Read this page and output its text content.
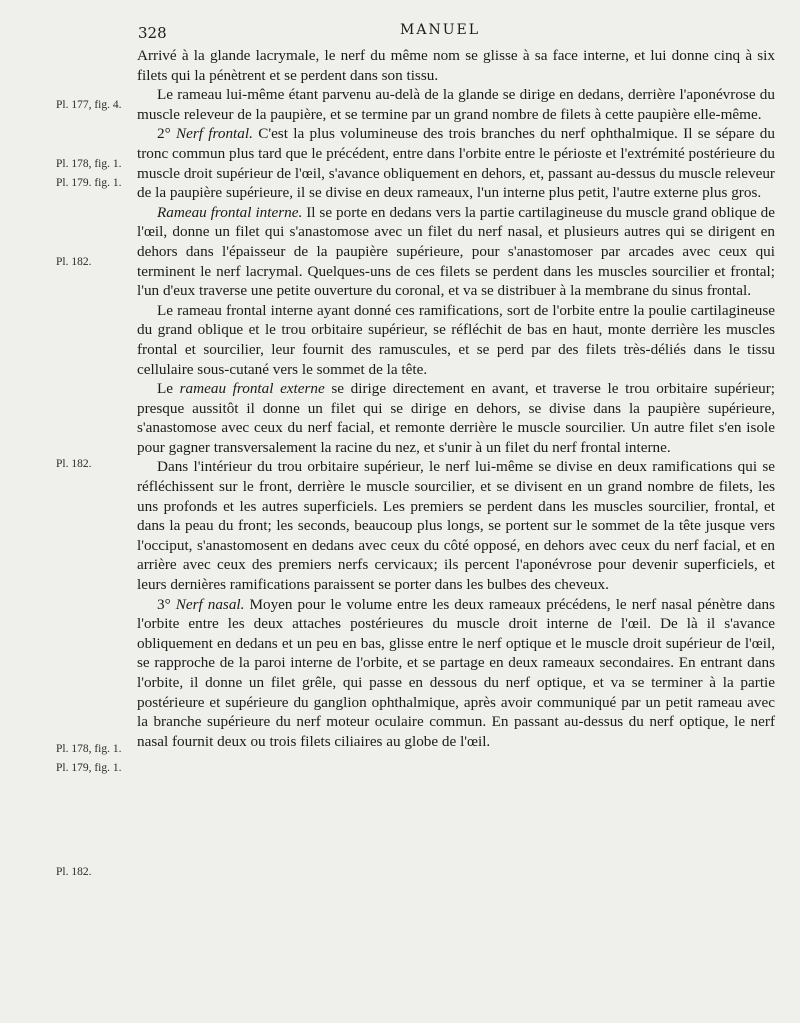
328	MANUEL
Pl. 177, fig. 4.
Pl. 178, fig. 1.
Pl. 179. fig. 1.
Pl. 182.
Pl. 182.
Pl. 178, fig. 1.
Pl. 179, fig. 1.
Pl. 182.

Arrivé à la glande lacrymale, le nerf du même nom se glisse à sa face interne, et lui donne cinq à six filets qui la pénètrent et se perdent dans son tissu.

Le rameau lui-même étant parvenu au-delà de la glande se dirige en dedans, derrière l'aponévrose du muscle releveur de la paupière, et se termine par un grand nombre de filets à cette paupière elle-même.

2° Nerf frontal. C'est la plus volumineuse des trois branches du nerf ophthalmique. Il se sépare du tronc commun plus tard que le précédent, entre dans l'orbite entre le périoste et l'extrémité postérieure du muscle droit supérieur de l'œil, s'avance obliquement en dehors, et, passant au-dessus du muscle releveur de la paupière supérieure, il se divise en deux rameaux, l'un interne plus petit, l'autre externe plus gros.

Rameau frontal interne. Il se porte en dedans vers la partie cartilagineuse du muscle grand oblique de l'œil, donne un filet qui s'anastomose avec un filet du nerf nasal, et plusieurs autres qui se dirigent en dehors dans l'épaisseur de la paupière supérieure, pour s'anastomoser par arcades avec ceux qui terminent le nerf lacrymal. Quelques-uns de ces filets se perdent dans les muscles sourcilier et frontal; l'un d'eux traverse une petite ouverture du coronal, et va se distribuer à la membrane du sinus frontal.

Le rameau frontal interne ayant donné ces ramifications, sort de l'orbite entre la poulie cartilagineuse du grand oblique et le trou orbitaire supérieur, se réfléchit de bas en haut, monte derrière les muscles frontal et sourcilier, leur fournit des ramuscules, et se perd par des filets très-déliés dans le tissu cellulaire sous-cutané vers le sommet de la tête.

Le rameau frontal externe se dirige directement en avant, et traverse le trou orbitaire supérieur; presque aussitôt il donne un filet qui se dirige en dehors, se divise dans la paupière supérieure, s'anastomose avec ceux du nerf facial, et remonte derrière le muscle sourcilier. Un autre filet s'en isole pour gagner transversalement la racine du nez, et s'unir à un filet du nerf frontal interne.

Dans l'intérieur du trou orbitaire supérieur, le nerf lui-même se divise en deux ramifications qui se réfléchissent sur le front, derrière le muscle sourcilier, et se divisent en un grand nombre de filets, les uns profonds et les autres superficiels. Les premiers se perdent dans les muscles sourcilier, frontal, et dans la peau du front; les seconds, beaucoup plus longs, se portent sur le sommet de la tête jusque vers l'occiput, s'anastomosent en dedans avec ceux du côté opposé, en dehors avec ceux du nerf facial, et en arrière avec ceux des premiers nerfs cervicaux; ils percent l'aponévrose pour devenir superficiels, et leurs dernières ramifications paraissent se porter dans les bulbes des cheveux.

3° Nerf nasal. Moyen pour le volume entre les deux rameaux précédens, le nerf nasal pénètre dans l'orbite entre les deux attaches postérieures du muscle droit interne de l'œil. De là il s'avance obliquement en dedans et un peu en bas, glisse entre le nerf optique et le muscle droit supérieur de l'œil, se rapproche de la paroi interne de l'orbite, et se partage en deux rameaux secondaires. En entrant dans l'orbite, il donne un filet grêle, qui passe en dessous du nerf optique, et va se terminer à la partie postérieure et supérieure du ganglion ophthalmique, après avoir communiqué par un petit rameau avec la branche supérieure du nerf moteur oculaire commun. En passant au-dessus du nerf optique, le nerf nasal fournit deux ou trois filets ciliaires au globe de l'œil.
